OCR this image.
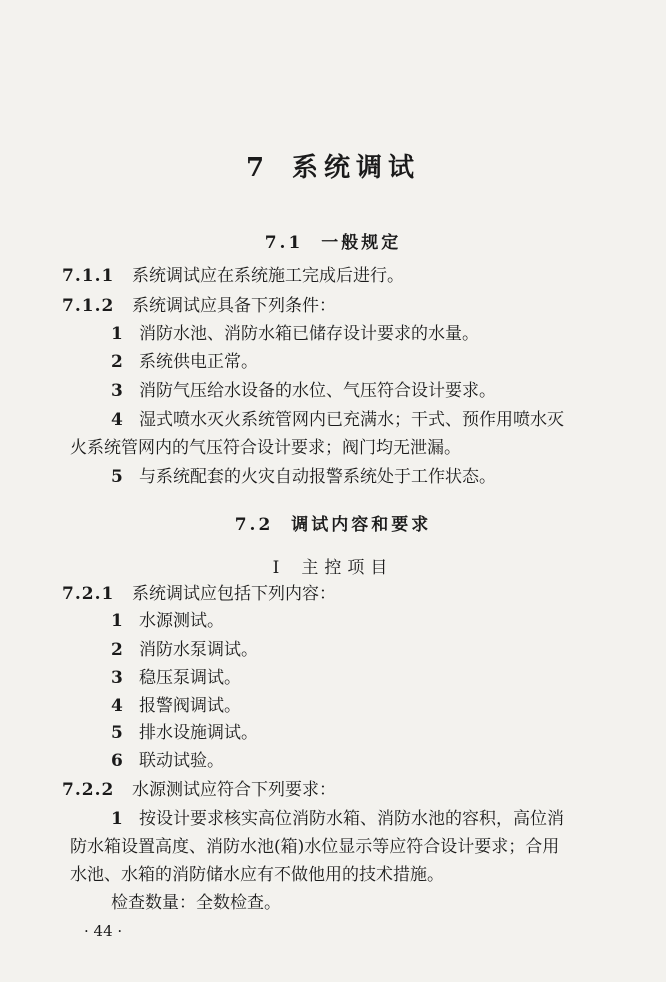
7 系统调试
7.1 一般规定
7.1.1 系统调试应在系统施工完成后进行。
7.1.2 系统调试应具备下列条件：
1 消防水池、消防水箱已储存设计要求的水量。
2 系统供电正常。
3 消防气压给水设备的水位、气压符合设计要求。
4 湿式喷水灭火系统管网内已充满水；干式、预作用喷水灭
火系统管网内的气压符合设计要求；阀门均无泄漏。
5 与系统配套的火灾自动报警系统处于工作状态。
7.2 调试内容和要求
Ⅰ 主控项目
7.2.1 系统调试应包括下列内容：
1 水源测试。
2 消防水泵调试。
3 稳压泵调试。
4 报警阀调试。
5 排水设施调试。
6 联动试验。
7.2.2 水源测试应符合下列要求：
1 按设计要求核实高位消防水箱、消防水池的容积，高位消
防水箱设置高度、消防水池(箱)水位显示等应符合设计要求；合用
水池、水箱的消防储水应有不做他用的技术措施。
检查数量：全数检查。
· 44 ·
